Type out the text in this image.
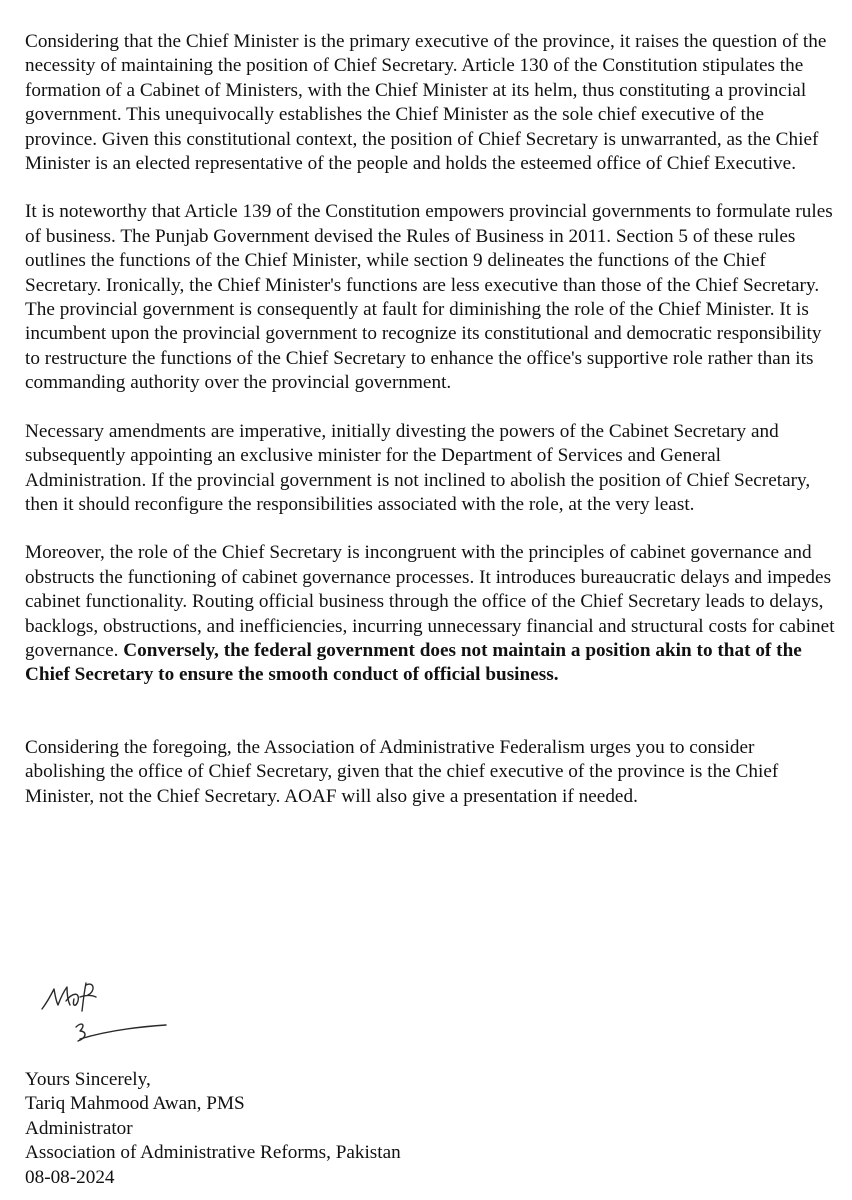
Considering that the Chief Minister is the primary executive of the province, it raises the question of the necessity of maintaining the position of Chief Secretary. Article 130 of the Constitution stipulates the formation of a Cabinet of Ministers, with the Chief Minister at its helm, thus constituting a provincial government. This unequivocally establishes the Chief Minister as the sole chief executive of the province. Given this constitutional context, the position of Chief Secretary is unwarranted, as the Chief Minister is an elected representative of the people and holds the esteemed office of Chief Executive.

It is noteworthy that Article 139 of the Constitution empowers provincial governments to formulate rules of business. The Punjab Government devised the Rules of Business in 2011. Section 5 of these rules outlines the functions of the Chief Minister, while section 9 delineates the functions of the Chief Secretary. Ironically, the Chief Minister's functions are less executive than those of the Chief Secretary. The provincial government is consequently at fault for diminishing the role of the Chief Minister. It is incumbent upon the provincial government to recognize its constitutional and democratic responsibility to restructure the functions of the Chief Secretary to enhance the office's supportive role rather than its commanding authority over the provincial government.

Necessary amendments are imperative, initially divesting the powers of the Cabinet Secretary and subsequently appointing an exclusive minister for the Department of Services and General Administration. If the provincial government is not inclined to abolish the position of Chief Secretary, then it should reconfigure the responsibilities associated with the role, at the very least.

Moreover, the role of the Chief Secretary is incongruent with the principles of cabinet governance and obstructs the functioning of cabinet governance processes. It introduces bureaucratic delays and impedes cabinet functionality. Routing official business through the office of the Chief Secretary leads to delays, backlogs, obstructions, and inefficiencies, incurring unnecessary financial and structural costs for cabinet governance. Conversely, the federal government does not maintain a position akin to that of the Chief Secretary to ensure the smooth conduct of official business.

Considering the foregoing, the Association of Administrative Federalism urges you to consider abolishing the office of Chief Secretary, given that the chief executive of the province is the Chief Minister, not the Chief Secretary. AOAF will also give a presentation if needed.

Yours Sincerely,
Tariq Mahmood Awan, PMS
Administrator
Association of Administrative Reforms, Pakistan
08-08-2024
